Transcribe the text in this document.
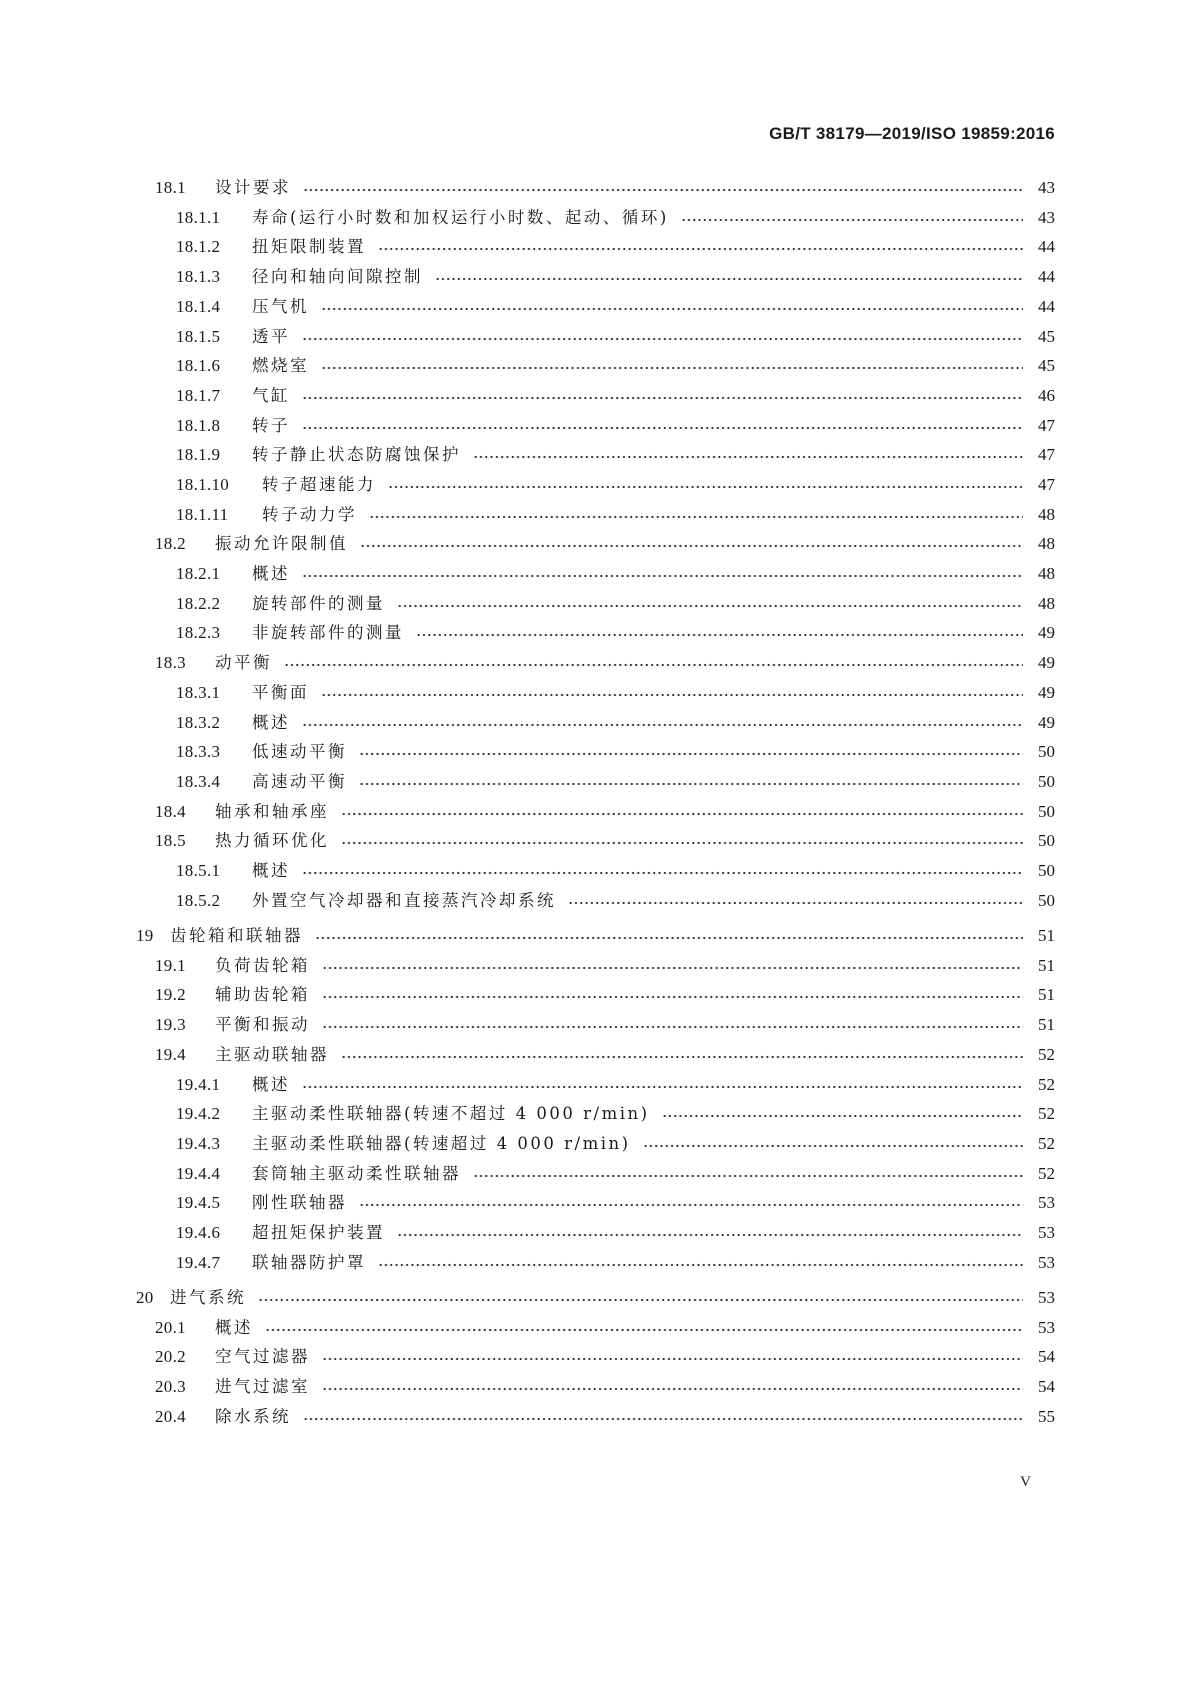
GB/T 38179—2019/ISO 19859:2016
18.1	设计要求	43
18.1.1	寿命(运行小时数和加权运行小时数、起动、循环)	43
18.1.2	扭矩限制装置	44
18.1.3	径向和轴向间隙控制	44
18.1.4	压气机	44
18.1.5	透平	45
18.1.6	燃烧室	45
18.1.7	气缸	46
18.1.8	转子	47
18.1.9	转子静止状态防腐蚀保护	47
18.1.10	转子超速能力	47
18.1.11	转子动力学	48
18.2	振动允许限制值	48
18.2.1	概述	48
18.2.2	旋转部件的测量	48
18.2.3	非旋转部件的测量	49
18.3	动平衡	49
18.3.1	平衡面	49
18.3.2	概述	49
18.3.3	低速动平衡	50
18.3.4	高速动平衡	50
18.4	轴承和轴承座	50
18.5	热力循环优化	50
18.5.1	概述	50
18.5.2	外置空气冷却器和直接蒸汽冷却系统	50
19 齿轮箱和联轴器	51
19.1	负荷齿轮箱	51
19.2	辅助齿轮箱	51
19.3	平衡和振动	51
19.4	主驱动联轴器	52
19.4.1	概述	52
19.4.2	主驱动柔性联轴器(转速不超过 4 000 r/min)	52
19.4.3	主驱动柔性联轴器(转速超过 4 000 r/min)	52
19.4.4	套筒轴主驱动柔性联轴器	52
19.4.5	刚性联轴器	53
19.4.6	超扭矩保护装置	53
19.4.7	联轴器防护罩	53
20 进气系统	53
20.1	概述	53
20.2	空气过滤器	54
20.3	进气过滤室	54
20.4	除水系统	55
V
